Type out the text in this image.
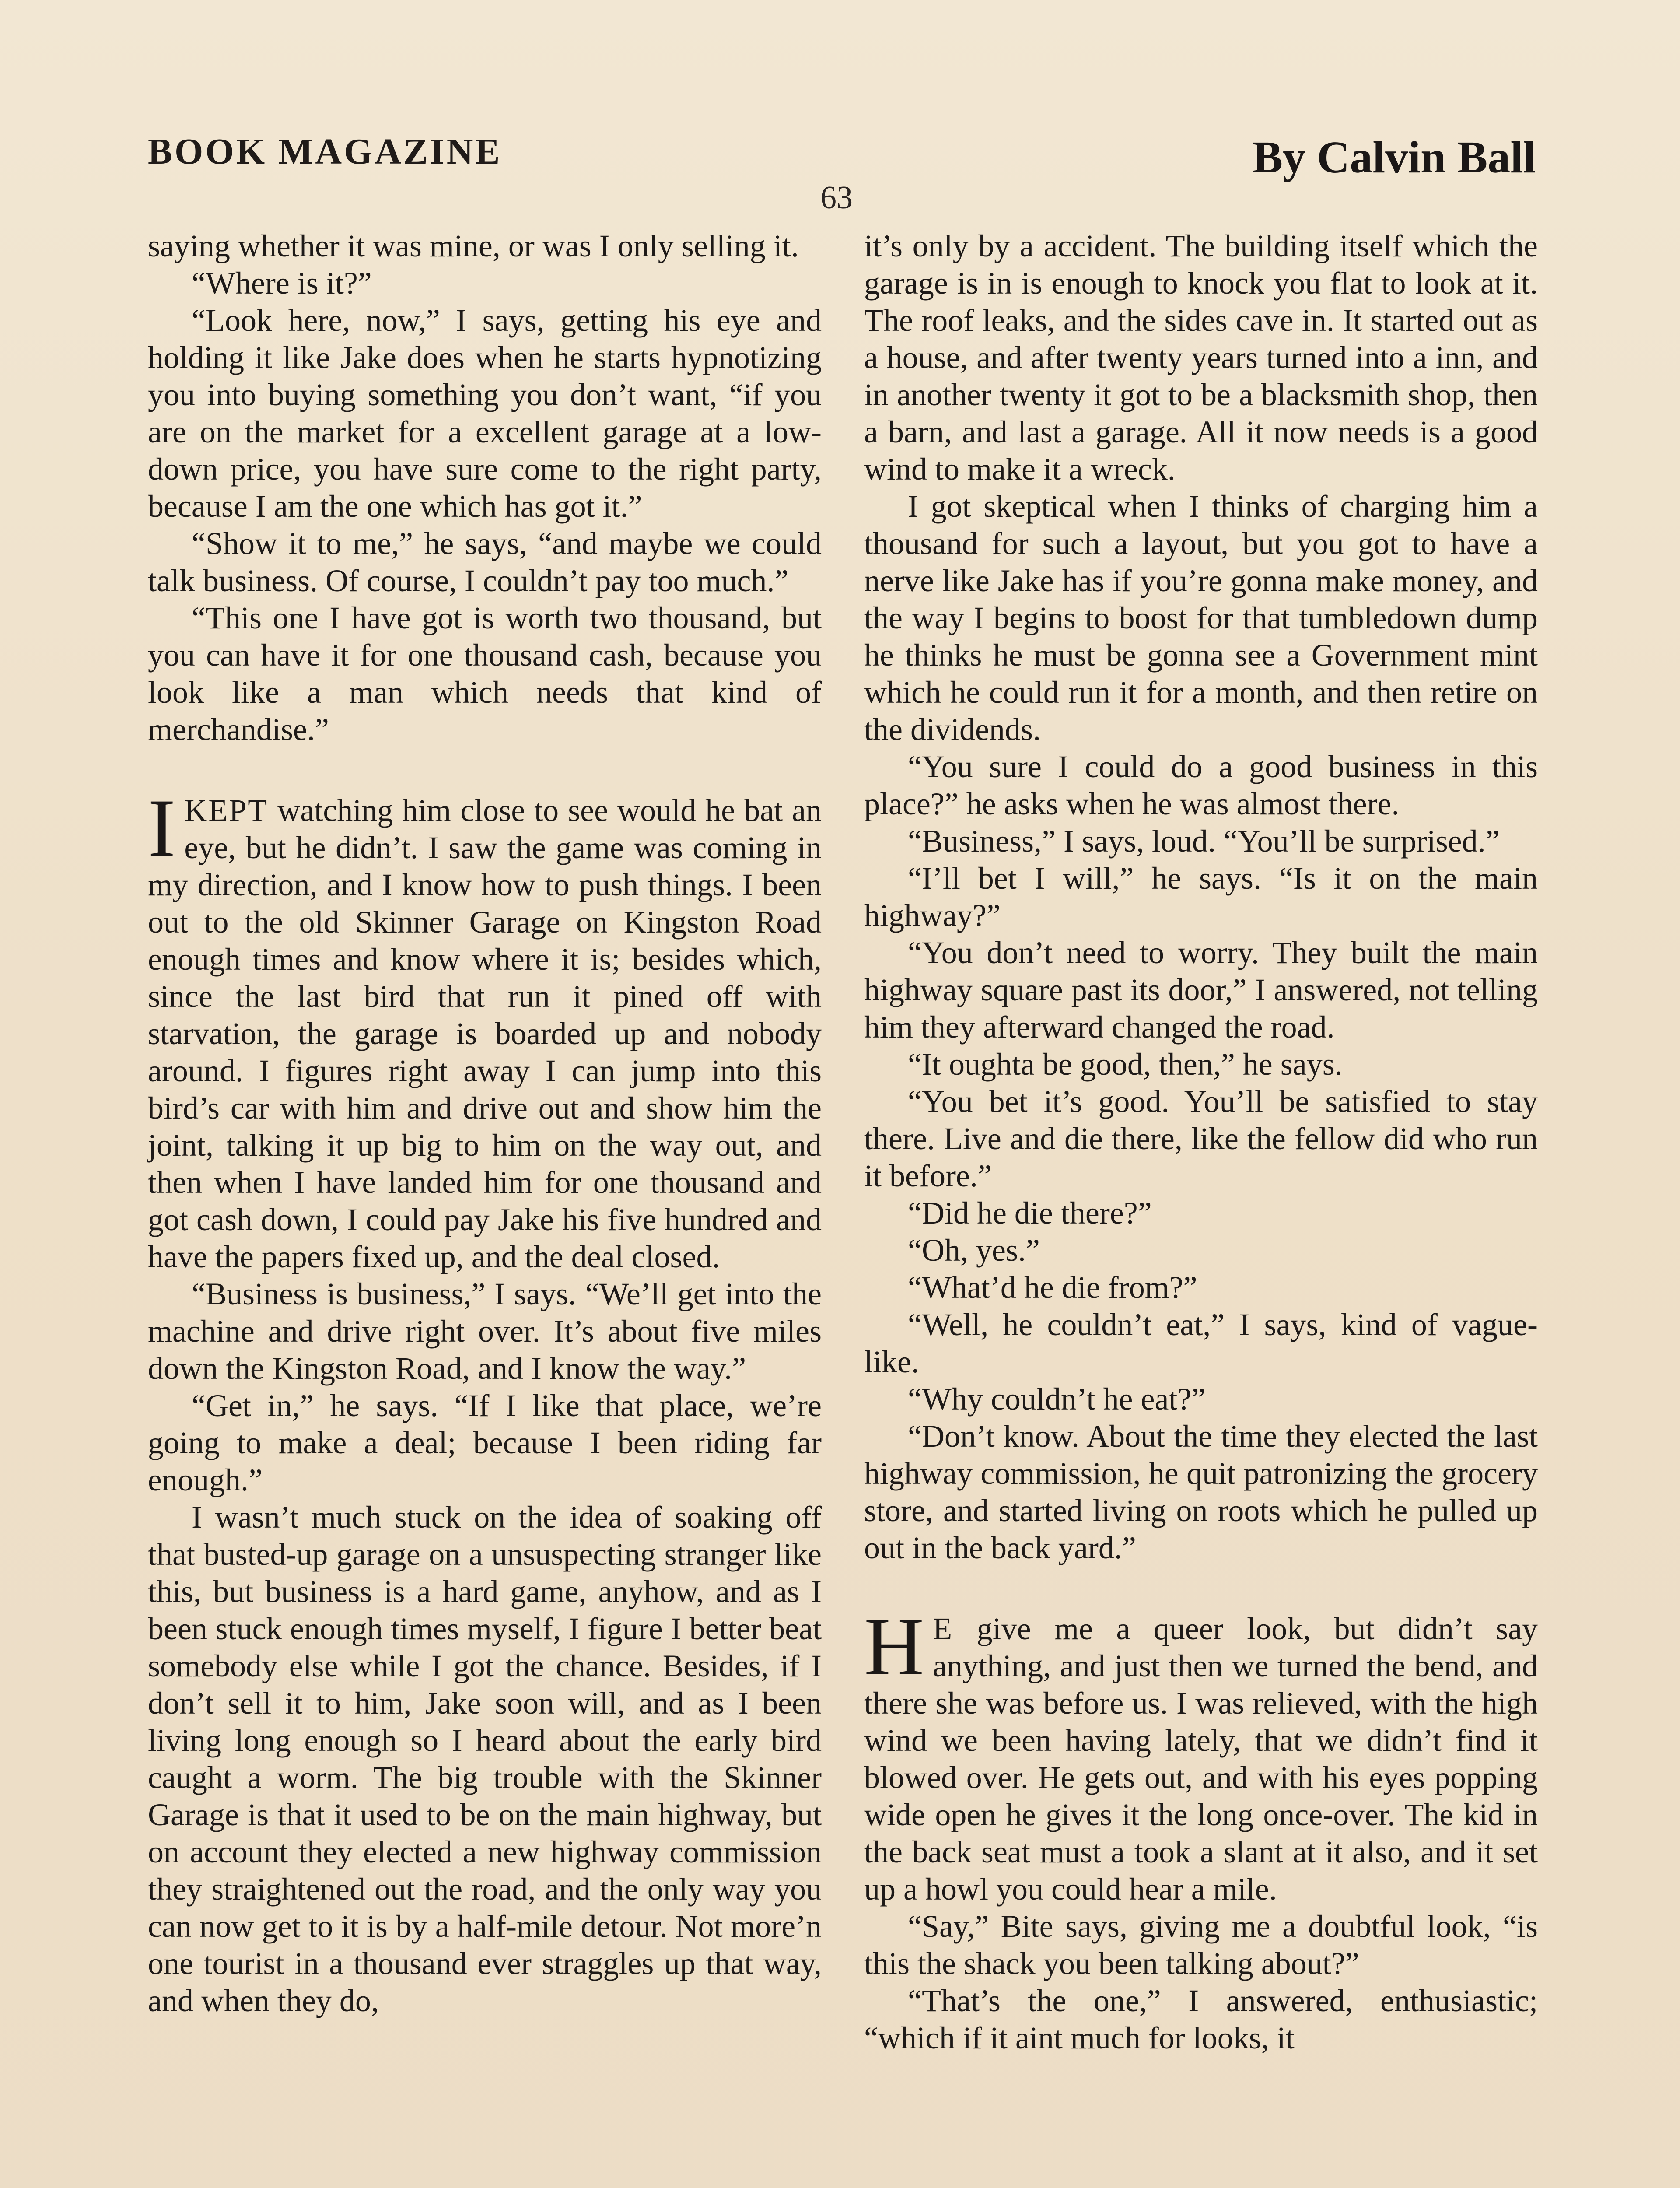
BOOK MAGAZINE	By Calvin Ball
63

saying whether it was mine, or was I only selling it.

“Where is it?”

“Look here, now,” I says, getting his eye and holding it like Jake does when he starts hypnotizing you into buying something you don’t want, “if you are on the market for a excellent garage at a low-down price, you have sure come to the right party, because I am the one which has got it.”

“Show it to me,” he says, “and maybe we could talk business. Of course, I couldn’t pay too much.”

“This one I have got is worth two thousand, but you can have it for one thousand cash, because you look like a man which needs that kind of merchandise.”

IKEPT watching him close to see would he bat an eye, but he didn’t. I saw the game was coming in my direction, and I know how to push things. I been out to the old Skinner Garage on Kingston Road enough times and know where it is; besides which, since the last bird that run it pined off with starvation, the garage is boarded up and nobody around. I figures right away I can jump into this bird’s car with him and drive out and show him the joint, talking it up big to him on the way out, and then when I have landed him for one thousand and got cash down, I could pay Jake his five hundred and have the papers fixed up, and the deal closed.

“Business is business,” I says. “We’ll get into the machine and drive right over. It’s about five miles down the Kingston Road, and I know the way.”

“Get in,” he says. “If I like that place, we’re going to make a deal; because I been riding far enough.”

I wasn’t much stuck on the idea of soaking off that busted-up garage on a unsuspecting stranger like this, but business is a hard game, anyhow, and as I been stuck enough times myself, I figure I better beat somebody else while I got the chance. Besides, if I don’t sell it to him, Jake soon will, and as I been living long enough so I heard about the early bird caught a worm. The big trouble with the Skinner Garage is that it used to be on the main highway, but on account they elected a new highway commission they straightened out the road, and the only way you can now get to it is by a half-mile detour. Not more’n one tourist in a thousand ever straggles up that way, and when they do,

it’s only by a accident. The building itself which the garage is in is enough to knock you flat to look at it. The roof leaks, and the sides cave in. It started out as a house, and after twenty years turned into a inn, and in another twenty it got to be a blacksmith shop, then a barn, and last a garage. All it now needs is a good wind to make it a wreck.

I got skeptical when I thinks of charging him a thousand for such a layout, but you got to have a nerve like Jake has if you’re gonna make money, and the way I begins to boost for that tumbledown dump he thinks he must be gonna see a Government mint which he could run it for a month, and then retire on the dividends.

“You sure I could do a good business in this place?” he asks when he was almost there.

“Business,” I says, loud. “You’ll be surprised.”

“I’ll bet I will,” he says. “Is it on the main highway?”

“You don’t need to worry. They built the main highway square past its door,” I answered, not telling him they afterward changed the road.

“It oughta be good, then,” he says.

“You bet it’s good. You’ll be satisfied to stay there. Live and die there, like the fellow did who run it before.”

“Did he die there?”

“Oh, yes.”

“What’d he die from?”

“Well, he couldn’t eat,” I says, kind of vague-like.

“Why couldn’t he eat?”

“Don’t know. About the time they elected the last highway commission, he quit patronizing the grocery store, and started living on roots which he pulled up out in the back yard.”

H E give me a queer look, but didn’t say anything, and just then we turned the bend, and there she was before us. I was relieved, with the high wind we been having lately, that we didn’t find it blowed over. He gets out, and with his eyes popping wide open he gives it the long once-over. The kid in the back seat must a took a slant at it also, and it set up a howl you could hear a mile.

“Say,” Bite says, giving me a doubtful look, “is this the shack you been talking about?”

“That’s the one,” I answered, enthusiastic; “which if it aint much for looks, it
